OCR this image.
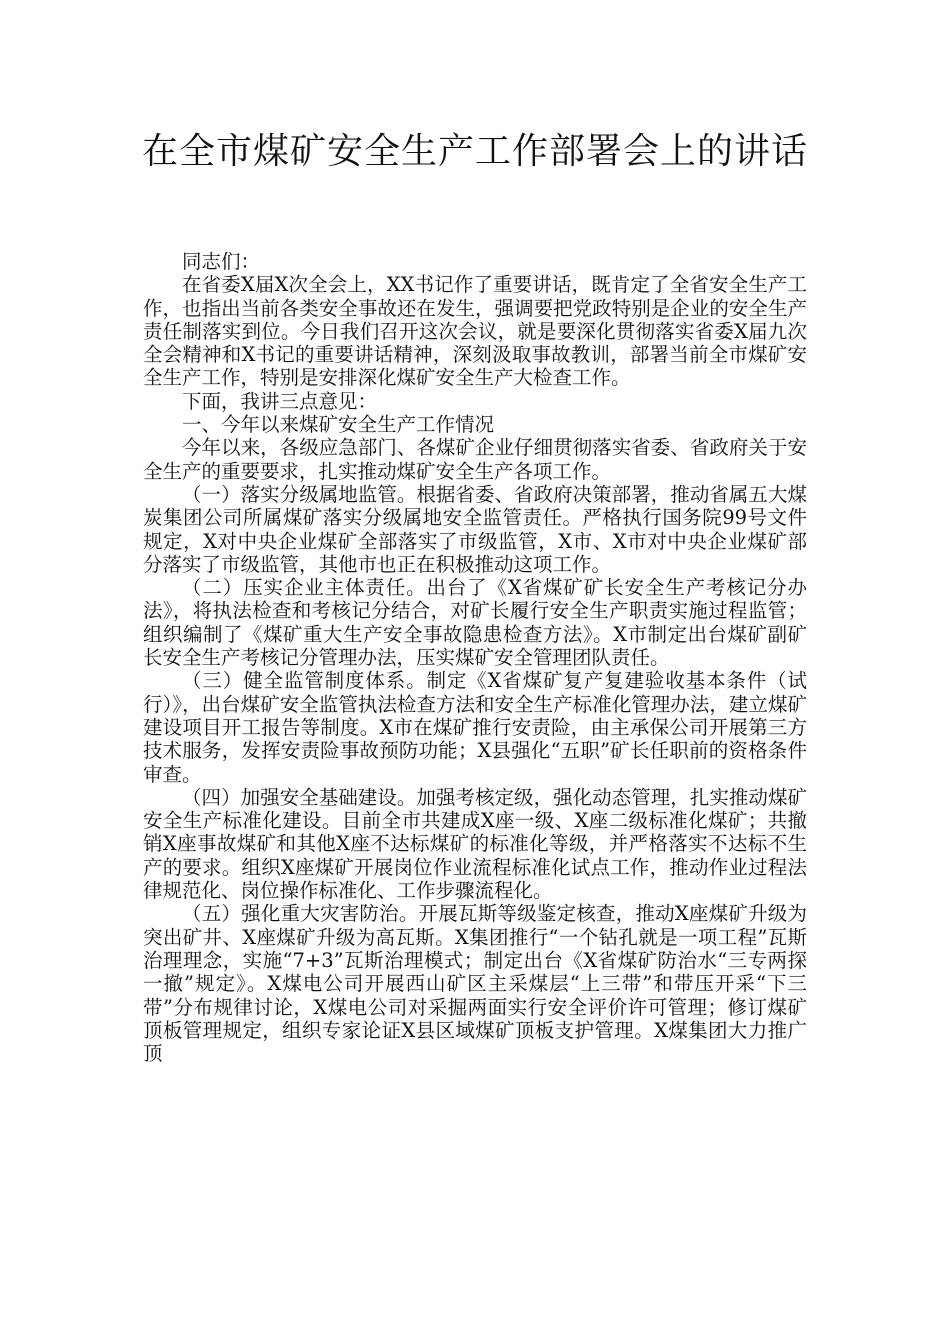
在全市煤矿安全生产工作部署会上的讲话

同志们：

在省委X届X次全会上，XX书记作了重要讲话，既肯定了全省安全生产工作，也指出当前各类安全事故还在发生，强调要把党政特别是企业的安全生产责任制落实到位。今日我们召开这次会议，就是要深化贯彻落实省委X届九次全会精神和X书记的重要讲话精神，深刻汲取事故教训，部署当前全市煤矿安全生产工作，特别是安排深化煤矿安全生产大检查工作。

下面，我讲三点意见：

一、今年以来煤矿安全生产工作情况

今年以来，各级应急部门、各煤矿企业仔细贯彻落实省委、省政府关于安全生产的重要要求，扎实推动煤矿安全生产各项工作。

（一）落实分级属地监管。根据省委、省政府决策部署，推动省属五大煤炭集团公司所属煤矿落实分级属地安全监管责任。严格执行国务院99号文件规定，X对中央企业煤矿全部落实了市级监管，X市、X市对中央企业煤矿部分落实了市级监管，其他市也正在积极推动这项工作。

（二）压实企业主体责任。出台了《X省煤矿矿长安全生产考核记分办法》，将执法检查和考核记分结合，对矿长履行安全生产职责实施过程监管；组织编制了《煤矿重大生产安全事故隐患检查方法》。X市制定出台煤矿副矿长安全生产考核记分管理办法，压实煤矿安全管理团队责任。

（三）健全监管制度体系。制定《X省煤矿复产复建验收基本条件（试行）》，出台煤矿安全监管执法检查方法和安全生产标准化管理办法，建立煤矿建设项目开工报告等制度。X市在煤矿推行安责险，由主承保公司开展第三方技术服务，发挥安责险事故预防功能；X县强化“五职”矿长任职前的资格条件审查。

（四）加强安全基础建设。加强考核定级，强化动态管理，扎实推动煤矿安全生产标准化建设。目前全市共建成X座一级、X座二级标准化煤矿；共撤销X座事故煤矿和其他X座不达标煤矿的标准化等级，并严格落实不达标不生产的要求。组织X座煤矿开展岗位作业流程标准化试点工作，推动作业过程法律规范化、岗位操作标准化、工作步骤流程化。

（五）强化重大灾害防治。开展瓦斯等级鉴定核查，推动X座煤矿升级为突出矿井、X座煤矿升级为高瓦斯。X集团推行“一个钻孔就是一项工程”瓦斯治理理念，实施“7+3”瓦斯治理模式；制定出台《X省煤矿防治水“三专两探一撤”规定》。X煤电公司开展西山矿区主采煤层“上三带”和带压开采“下三带”分布规律讨论，X煤电公司对采掘两面实行安全评价许可管理；修订煤矿顶板管理规定，组织专家论证X县区域煤矿顶板支护管理。X煤集团大力推广顶
